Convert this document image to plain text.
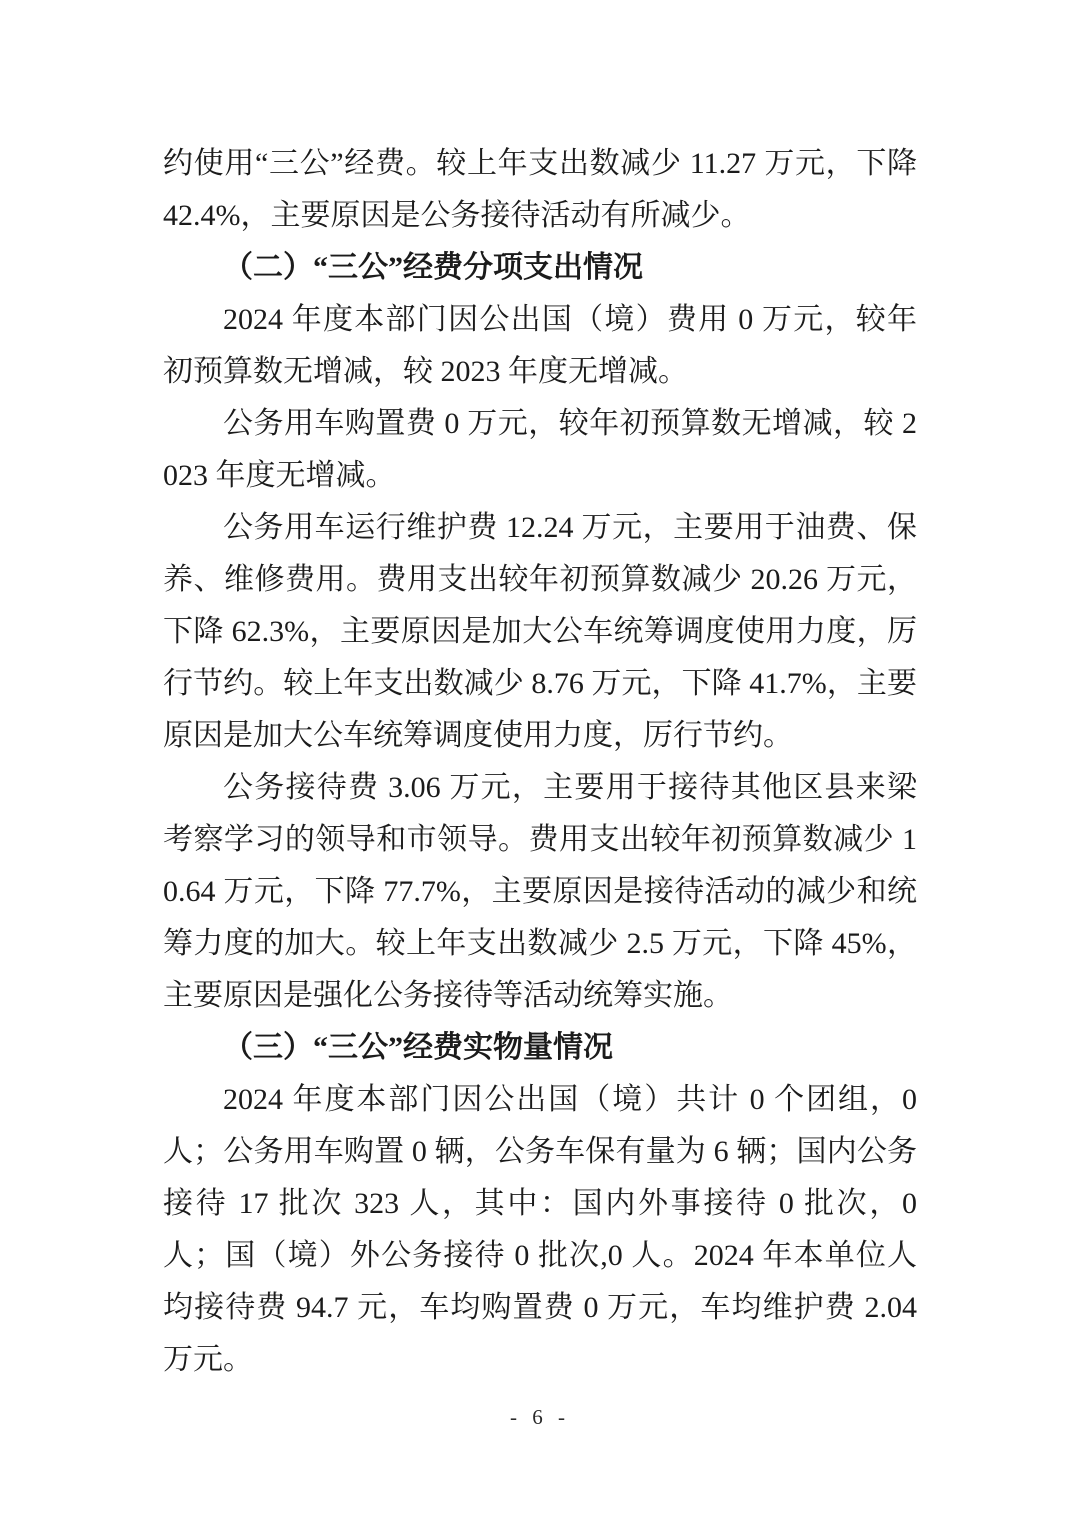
约使用“三公”经费。较上年支出数减少 11.27 万元，下降 42.4%，主要原因是公务接待活动有所减少。

（二）“三公”经费分项支出情况

2024 年度本部门因公出国（境）费用 0 万元，较年初预算数无增减，较 2023 年度无增减。

公务用车购置费 0 万元，较年初预算数无增减，较 2023 年度无增减。

公务用车运行维护费 12.24 万元，主要用于油费、保养、维修费用。费用支出较年初预算数减少 20.26 万元，下降 62.3%，主要原因是加大公车统筹调度使用力度，厉行节约。较上年支出数减少 8.76 万元，下降 41.7%，主要原因是加大公车统筹调度使用力度，厉行节约。

公务接待费 3.06 万元，主要用于接待其他区县来梁考察学习的领导和市领导。费用支出较年初预算数减少 10.64 万元，下降 77.7%，主要原因是接待活动的减少和统筹力度的加大。较上年支出数减少 2.5 万元，下降 45%，主要原因是强化公务接待等活动统筹实施。

（三）“三公”经费实物量情况

2024 年度本部门因公出国（境）共计 0 个团组，0 人；公务用车购置 0 辆，公务车保有量为 6 辆；国内公务接待 17 批次 323 人，其中：国内外事接待 0 批次，0 人；国（境）外公务接待 0 批次,0 人。2024 年本单位人均接待费 94.7 元，车均购置费 0 万元，车均维护费 2.04 万元。

- 6 -
